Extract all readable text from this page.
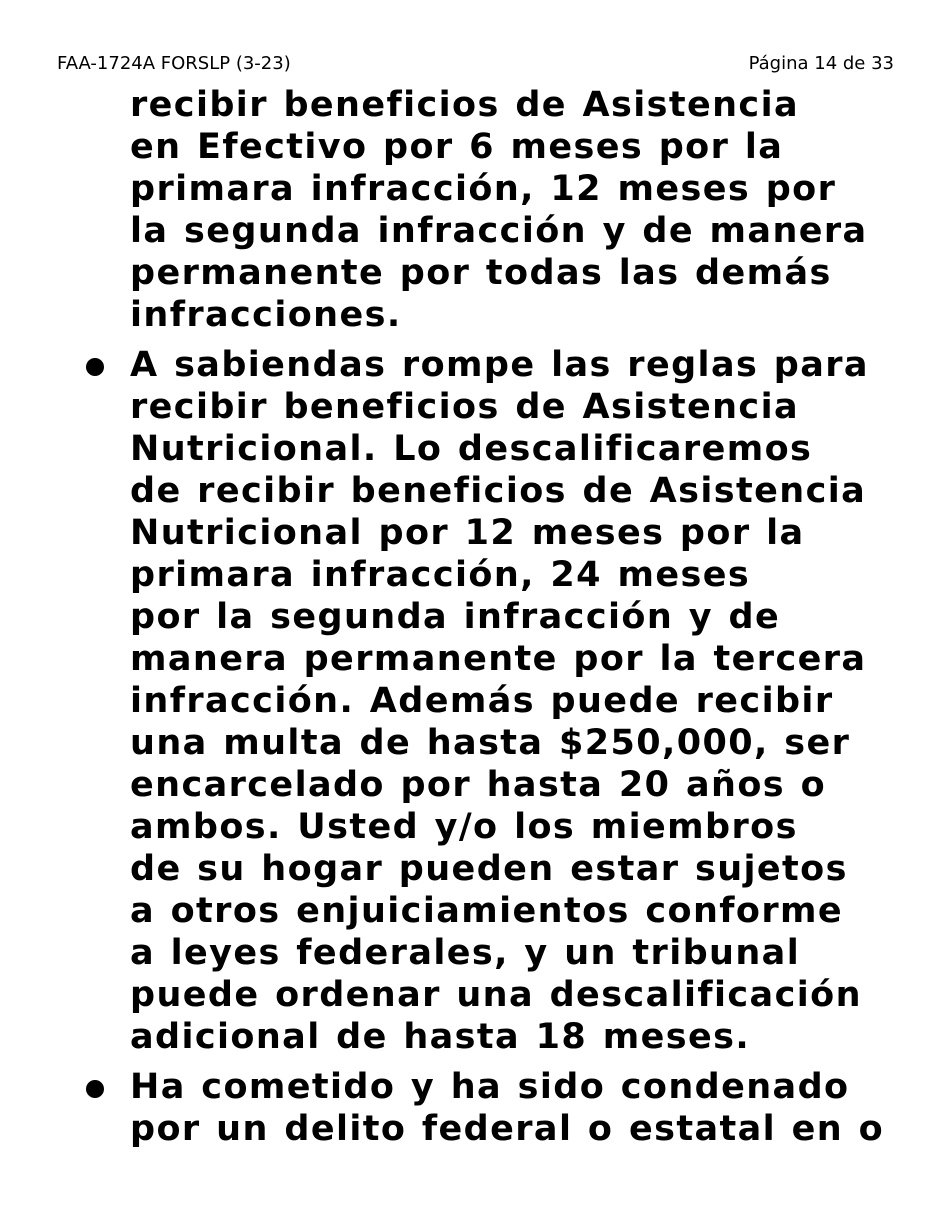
FAA-1724A FORSLP (3-23)	Página 14 de 33

recibir beneficios de Asistencia
en Efectivo por 6 meses por la
primara infracción, 12 meses por
la segunda infracción y de manera
permanente por todas las demás
infracciones.

A sabiendas rompe las reglas para
recibir beneficios de Asistencia
Nutricional. Lo descalificaremos
de recibir beneficios de Asistencia
Nutricional por 12 meses por la
primara infracción, 24 meses
por la segunda infracción y de
manera permanente por la tercera
infracción. Además puede recibir
una multa de hasta $250,000, ser
encarcelado por hasta 20 años o
ambos. Usted y/o los miembros
de su hogar pueden estar sujetos
a otros enjuiciamientos conforme
a leyes federales, y un tribunal
puede ordenar una descalificación
adicional de hasta 18 meses.

Ha cometido y ha sido condenado
por un delito federal o estatal en o
